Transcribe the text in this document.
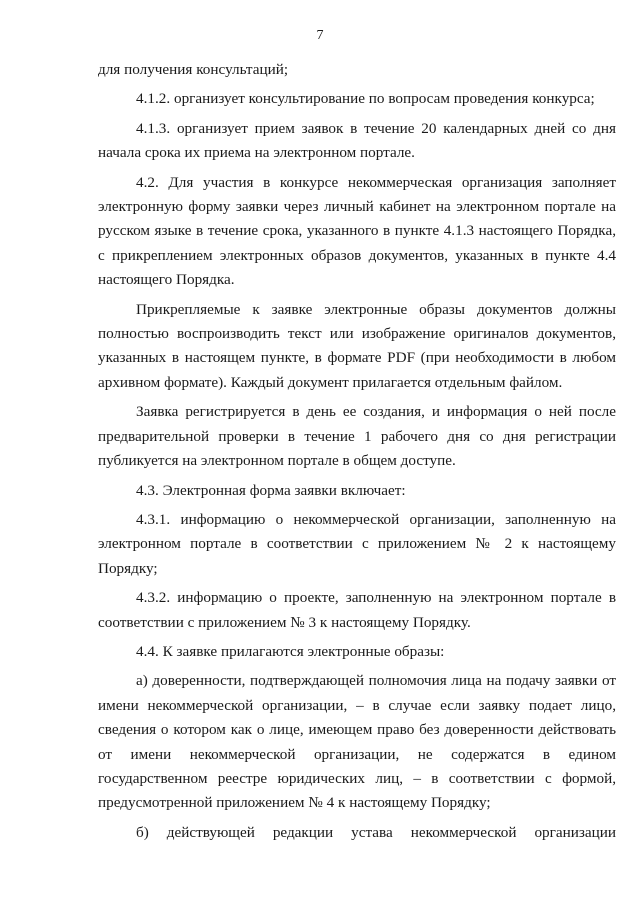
7

для получения консультаций;

4.1.2. организует консультирование по вопросам проведения конкурса;

4.1.3. организует прием заявок в течение 20 календарных дней со дня начала срока их приема на электронном портале.

4.2. Для участия в конкурсе некоммерческая организация заполняет электронную форму заявки через личный кабинет на электронном портале на русском языке в течение срока, указанного в пункте 4.1.3 настоящего Порядка, с прикреплением электронных образов документов, указанных в пункте 4.4 настоящего Порядка.

Прикрепляемые к заявке электронные образы документов должны полностью воспроизводить текст или изображение оригиналов документов, указанных в настоящем пункте, в формате PDF (при необходимости в любом архивном формате). Каждый документ прилагается отдельным файлом.

Заявка регистрируется в день ее создания, и информация о ней после предварительной проверки в течение 1 рабочего дня со дня регистрации публикуется на электронном портале в общем доступе.

4.3. Электронная форма заявки включает:

4.3.1. информацию о некоммерческой организации, заполненную на электронном портале в соответствии с приложением № 2 к настоящему Порядку;

4.3.2. информацию о проекте, заполненную на электронном портале в соответствии с приложением № 3 к настоящему Порядку.

4.4. К заявке прилагаются электронные образы:

а) доверенности, подтверждающей полномочия лица на подачу заявки от имени некоммерческой организации, – в случае если заявку подает лицо, сведения о котором как о лице, имеющем право без доверенности действовать от имени некоммерческой организации, не содержатся в едином государственном реестре юридических лиц, – в соответствии с формой, предусмотренной приложением № 4 к настоящему Порядку;

б) действующей редакции устава некоммерческой организации
